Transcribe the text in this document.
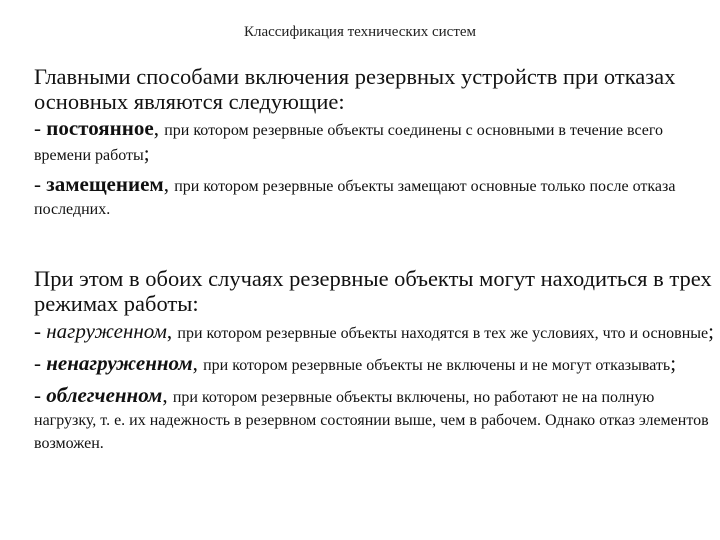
Классификация технических систем

Главными способами включения резервных устройств при отказах основных являются следующие:

- постоянное, при котором резервные объекты соединены с основными в течение всего времени работы;

- замещением, при котором резервные объекты замещают основные только после отказа последних.

При этом в обоих случаях резервные объекты могут находиться в трех режимах работы:

- нагруженном, при котором резервные объекты находятся в тех же условиях, что и основные;

- ненагруженном, при котором резервные объекты не включены и не могут отказывать;

- облегченном, при котором резервные объекты включены, но работают не на полную нагрузку, т. е. их надежность в резервном состоянии выше, чем в рабочем. Однако отказ элементов возможен.
